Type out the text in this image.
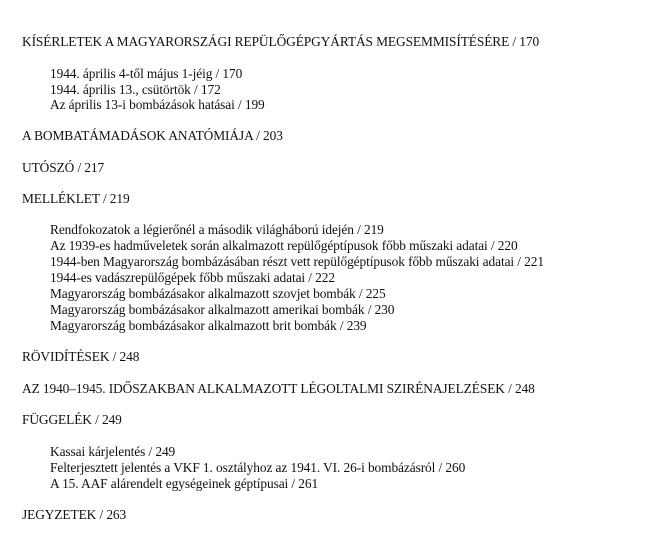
KÍSÉRLETEK A MAGYARORSZÁGI REPÜLŐGÉPGYÁRTÁS MEGSEMMISÍTÉSÉRE / 170
1944. április 4-től május 1-jéig / 170
1944. április 13., csütörtök / 172
Az április 13-i bombázások hatásai / 199
A BOMBATÁMADÁSOK ANATÓMIÁJA / 203
UTÓSZÓ / 217
MELLÉKLET / 219
Rendfokozatok a légierőnél a második világháború idején / 219
Az 1939-es hadműveletek során alkalmazott repülőgéptípusok főbb műszaki adatai / 220
1944-ben Magyarország bombázásában részt vett repülőgéptípusok főbb műszaki adatai / 221
1944-es vadászrepülőgépek főbb műszaki adatai / 222
Magyarország bombázásakor alkalmazott szovjet bombák / 225
Magyarország bombázásakor alkalmazott amerikai bombák / 230
Magyarország bombázásakor alkalmazott brit bombák / 239
RÖVIDÍTÉSEK / 248
AZ 1940–1945. IDŐSZAKBAN ALKALMAZOTT LÉGOLTALMI SZIRÉNAJELZÉSEK / 248
FÜGGELÉK / 249
Kassai kárjelentés / 249
Felterjesztett jelentés a VKF 1. osztályhoz az 1941. VI. 26-i bombázásról / 260
A 15. AAF alárendelt egységeinek géptípusai / 261
JEGYZETEK / 263
